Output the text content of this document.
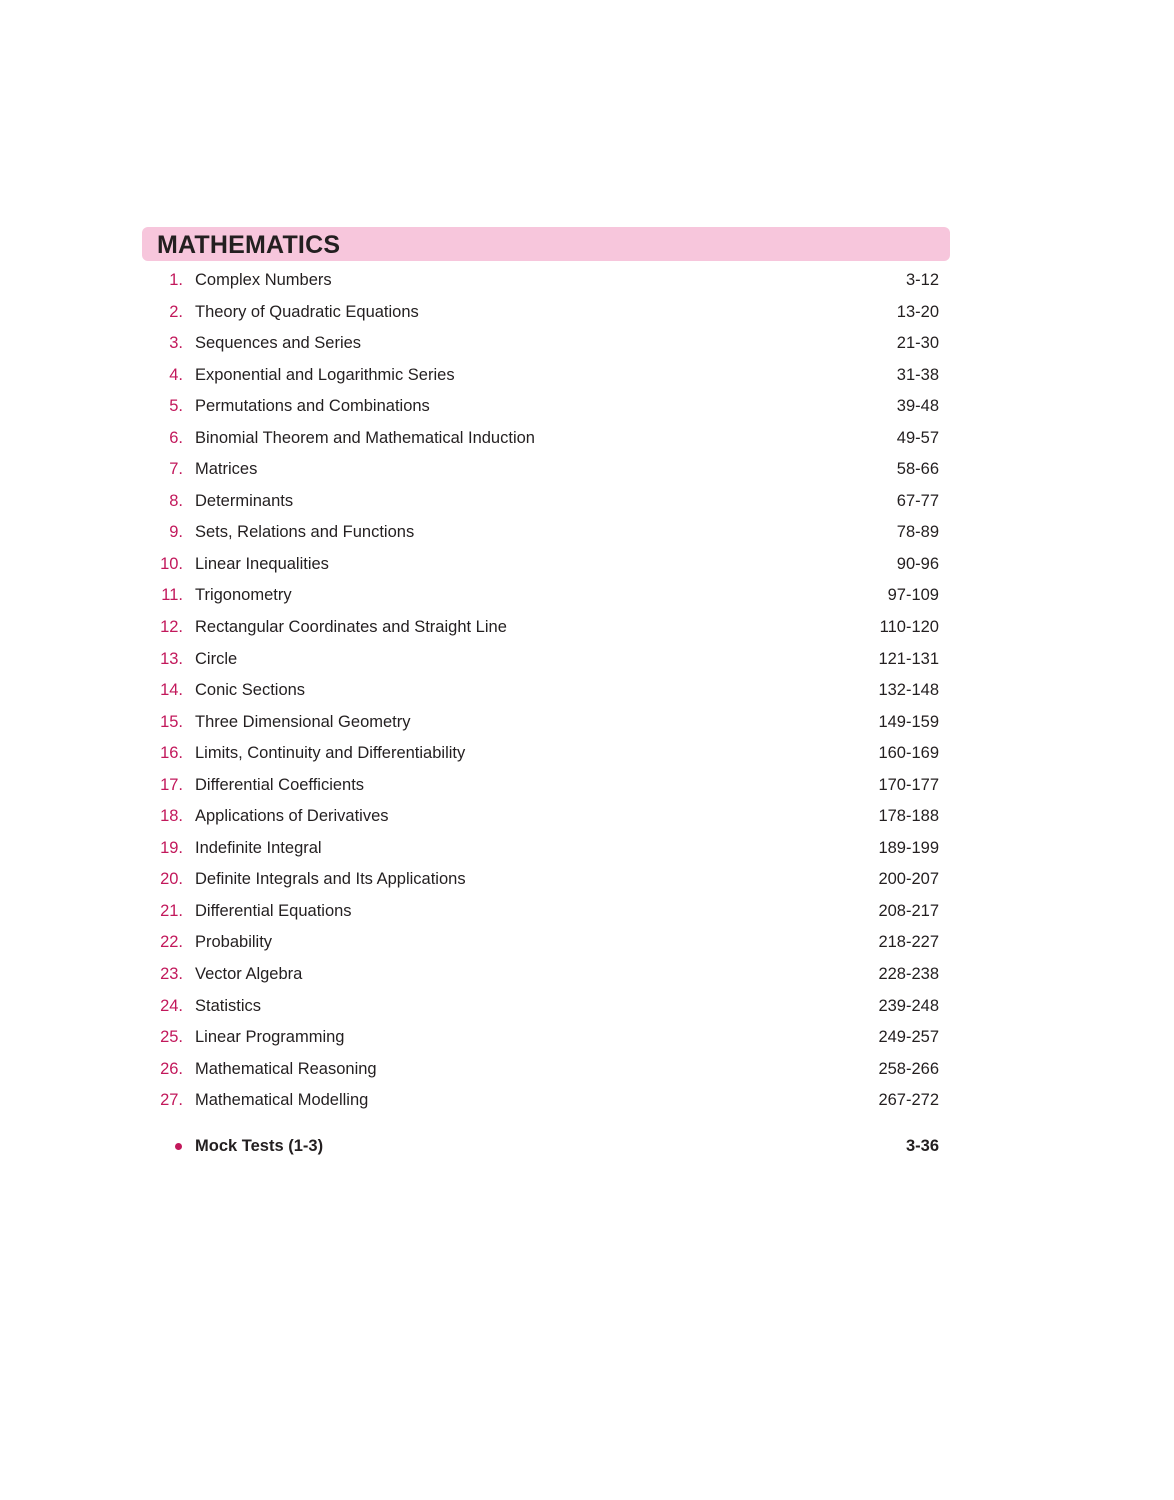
MATHEMATICS
1. Complex Numbers	3-12
2. Theory of Quadratic Equations	13-20
3. Sequences and Series	21-30
4. Exponential and Logarithmic Series	31-38
5. Permutations and Combinations	39-48
6. Binomial Theorem and Mathematical Induction	49-57
7. Matrices	58-66
8. Determinants	67-77
9. Sets, Relations and Functions	78-89
10. Linear Inequalities	90-96
11. Trigonometry	97-109
12. Rectangular Coordinates and Straight Line	110-120
13. Circle	121-131
14. Conic Sections	132-148
15. Three Dimensional Geometry	149-159
16. Limits, Continuity and Differentiability	160-169
17. Differential Coefficients	170-177
18. Applications of Derivatives	178-188
19. Indefinite Integral	189-199
20. Definite Integrals and Its Applications	200-207
21. Differential Equations	208-217
22. Probability	218-227
23. Vector Algebra	228-238
24. Statistics	239-248
25. Linear Programming	249-257
26. Mathematical Reasoning	258-266
27. Mathematical Modelling	267-272
Mock Tests (1-3)	3-36
